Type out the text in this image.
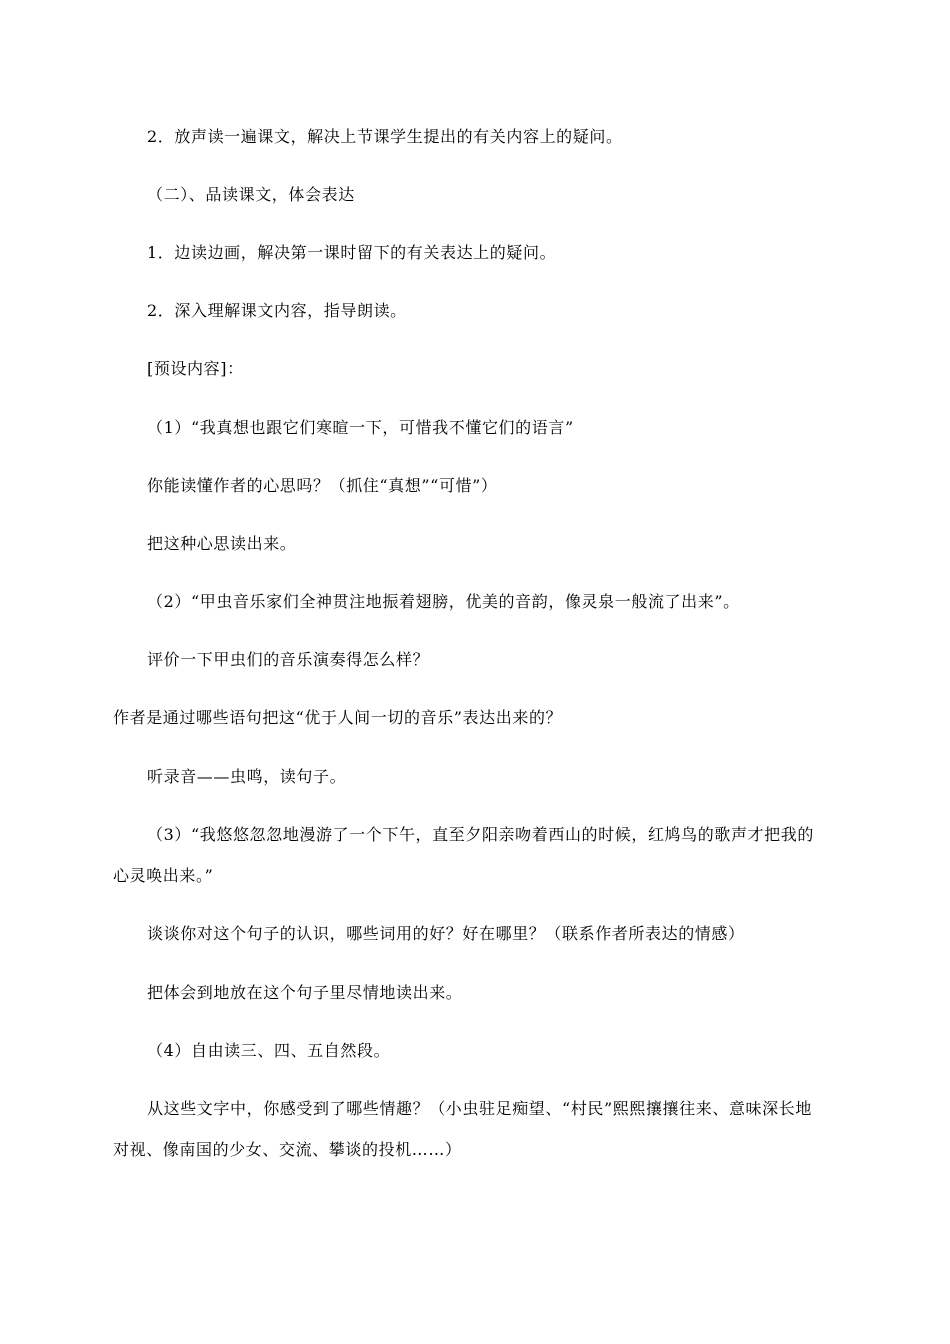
2．放声读一遍课文，解决上节课学生提出的有关内容上的疑问。
（二）、品读课文，体会表达
1．边读边画，解决第一课时留下的有关表达上的疑问。
2．深入理解课文内容，指导朗读。
[预设内容]：
（1）“我真想也跟它们寒暄一下，可惜我不懂它们的语言”
你能读懂作者的心思吗？（抓住“真想”“可惜”）
把这种心思读出来。
（2）“甲虫音乐家们全神贯注地振着翅膀，优美的音韵，像灵泉一般流了出来”。
评价一下甲虫们的音乐演奏得怎么样？
作者是通过哪些语句把这“优于人间一切的音乐”表达出来的？
听录音——虫鸣，读句子。
（3）“我悠悠忽忽地漫游了一个下午，直至夕阳亲吻着西山的时候，红鸠鸟的歌声才把我的
心灵唤出来。”
谈谈你对这个句子的认识，哪些词用的好？好在哪里？（联系作者所表达的情感）
把体会到地放在这个句子里尽情地读出来。
（4）自由读三、四、五自然段。
从这些文字中，你感受到了哪些情趣？（小虫驻足痴望、“村民”熙熙攘攘往来、意味深长地
对视、像南国的少女、交流、攀谈的投机……）
